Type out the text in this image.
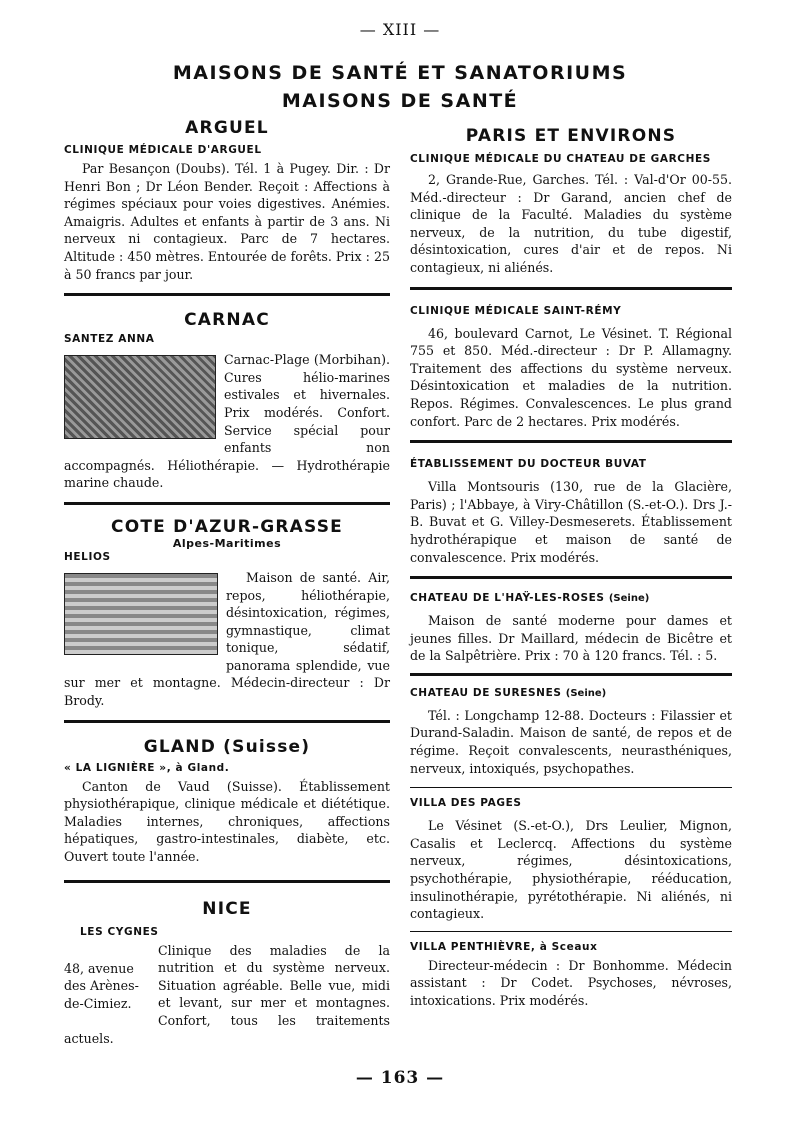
— XIII —
MAISONS DE SANTÉ ET SANATORIUMS
MAISONS DE SANTÉ
ARGUEL
CLINIQUE MÉDICALE D'ARGUEL

Par Besançon (Doubs). Tél. 1 à Pugey. Dir. : Dr Henri Bon ; Dr Léon Bender. Reçoit : Affections à régimes spéciaux pour voies digestives. Anémies. Amaigris. Adultes et enfants à partir de 3 ans. Ni nerveux ni contagieux. Parc de 7 hectares. Altitude : 450 mètres. Entourée de forêts. Prix : 25 à 50 francs par jour.

CARNAC
SANTEZ ANNA

Carnac-Plage (Morbihan). Cures hélio-marines estivales et hivernales. Prix modérés. Confort. Service spécial pour enfants non accompagnés. Héliothérapie. — Hydrothérapie marine chaude.

COTE D'AZUR-GRASSE
Alpes-Maritimes
HELIOS

Maison de santé. Air, repos, héliothérapie, désintoxication, régimes, gymnastique, climat tonique, sédatif, panorama splendide, vue sur mer et montagne. Médecin-directeur : Dr Brody.

GLAND (Suisse)
« LA LIGNIÈRE », à Gland.

Canton de Vaud (Suisse). Établissement physiothérapique, clinique médicale et diététique. Maladies internes, chroniques, affections hépatiques, gastro-intestinales, diabète, etc. Ouvert toute l'année.

NICE
LES CYGNES
48, avenue des Arènes-de-Cimiez.

Clinique des maladies de la nutrition et du système nerveux. Situation agréable. Belle vue, midi et levant, sur mer et montagnes. Confort, tous les traitements actuels.

PARIS ET ENVIRONS
CLINIQUE MÉDICALE DU CHATEAU DE GARCHES

2, Grande-Rue, Garches. Tél. : Val-d'Or 00-55. Méd.-directeur : Dr Garand, ancien chef de clinique de la Faculté. Maladies du système nerveux, de la nutrition, du tube digestif, désintoxication, cures d'air et de repos. Ni contagieux, ni aliénés.

CLINIQUE MÉDICALE SAINT-RÉMY

46, boulevard Carnot, Le Vésinet. T. Régional 755 et 850. Méd.-directeur : Dr P. Allamagny. Traitement des affections du système nerveux. Désintoxication et maladies de la nutrition. Repos. Régimes. Convalescences. Le plus grand confort. Parc de 2 hectares. Prix modérés.

ÉTABLISSEMENT DU DOCTEUR BUVAT

Villa Montsouris (130, rue de la Glacière, Paris) ; l'Abbaye, à Viry-Châtillon (S.-et-O.). Drs J.-B. Buvat et G. Villey-Desmeserets. Établissement hydrothérapique et maison de santé de convalescence. Prix modérés.

CHATEAU DE L'HAŸ-LES-ROSES (Seine)

Maison de santé moderne pour dames et jeunes filles. Dr Maillard, médecin de Bicêtre et de la Salpêtrière. Prix : 70 à 120 francs. Tél. : 5.

CHATEAU DE SURESNES (Seine)

Tél. : Longchamp 12-88. Docteurs : Filassier et Durand-Saladin. Maison de santé, de repos et de régime. Reçoit convalescents, neurasthéniques, nerveux, intoxiqués, psychopathes.

VILLA DES PAGES

Le Vésinet (S.-et-O.), Drs Leulier, Mignon, Casalis et Leclercq. Affections du système nerveux, régimes, désintoxications, psychothérapie, physiothérapie, rééducation, insulinothérapie, pyrétothérapie. Ni aliénés, ni contagieux.

VILLA PENTHIÈVRE, à Sceaux

Directeur-médecin : Dr Bonhomme. Médecin assistant : Dr Codet. Psychoses, névroses, intoxications. Prix modérés.

— 163 —
